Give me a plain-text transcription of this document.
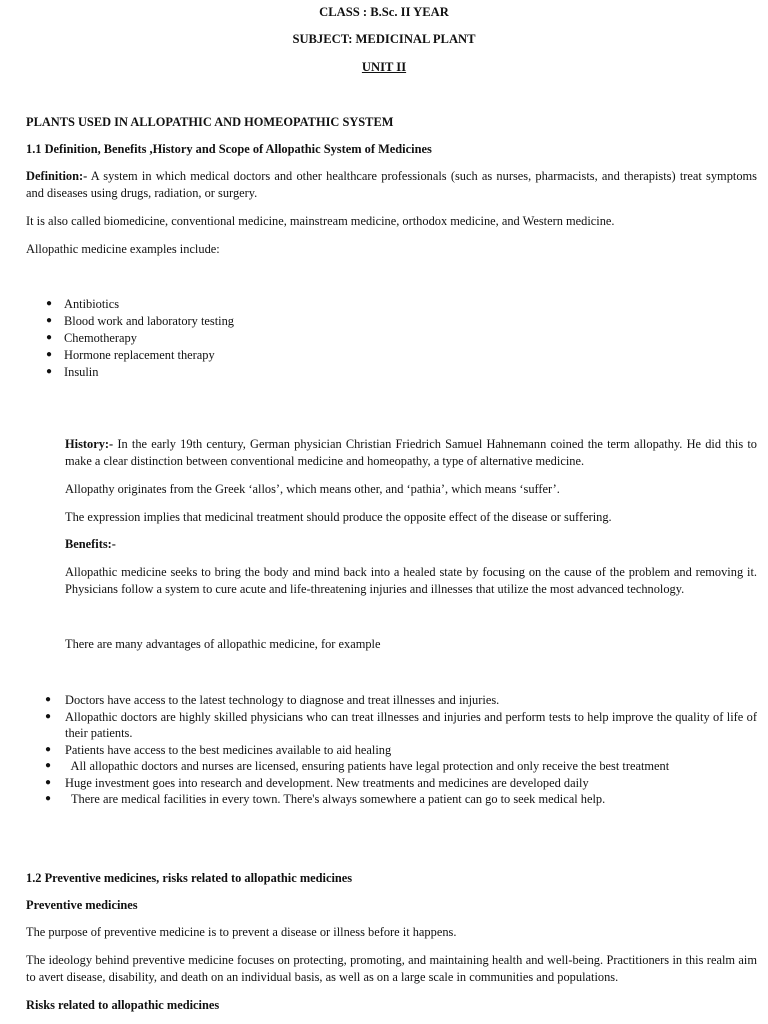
CLASS : B.Sc. II YEAR
SUBJECT: MEDICINAL PLANT
UNIT II
PLANTS USED IN ALLOPATHIC AND HOMEOPATHIC SYSTEM
1.1 Definition, Benefits ,History and Scope of Allopathic System of Medicines
Definition:- A system in which medical doctors and other healthcare professionals (such as nurses, pharmacists, and therapists) treat symptoms and diseases using drugs, radiation, or surgery.
It is also called biomedicine, conventional medicine, mainstream medicine, orthodox medicine, and Western medicine.
Allopathic medicine examples include:
● Antibiotics
● Blood work and laboratory testing
● Chemotherapy
● Hormone replacement therapy
● Insulin
History:- In the early 19th century, German physician Christian Friedrich Samuel Hahnemann coined the term allopathy. He did this to make a clear distinction between conventional medicine and homeopathy, a type of alternative medicine.
Allopathy originates from the Greek ‘allos’, which means other, and ‘pathia’, which means ‘suffer’.
The expression implies that medicinal treatment should produce the opposite effect of the disease or suffering.
Benefits:-
Allopathic medicine seeks to bring the body and mind back into a healed state by focusing on the cause of the problem and removing it. Physicians follow a system to cure acute and life-threatening injuries and illnesses that utilize the most advanced technology.
There are many advantages of allopathic medicine, for example
● Doctors have access to the latest technology to diagnose and treat illnesses and injuries.
● Allopathic doctors are highly skilled physicians who can treat illnesses and injuries and perform tests to help improve the quality of life of their patients.
● Patients have access to the best medicines available to aid healing
● All allopathic doctors and nurses are licensed, ensuring patients have legal protection and only receive the best treatment
● Huge investment goes into research and development. New treatments and medicines are developed daily
● There are medical facilities in every town. There's always somewhere a patient can go to seek medical help.
1.2 Preventive medicines, risks related to allopathic medicines
Preventive medicines
The purpose of preventive medicine is to prevent a disease or illness before it happens.
The ideology behind preventive medicine focuses on protecting, promoting, and maintaining health and well-being. Practitioners in this realm aim to avert disease, disability, and death on an individual basis, as well as on a large scale in communities and populations.
Risks related to allopathic medicines
